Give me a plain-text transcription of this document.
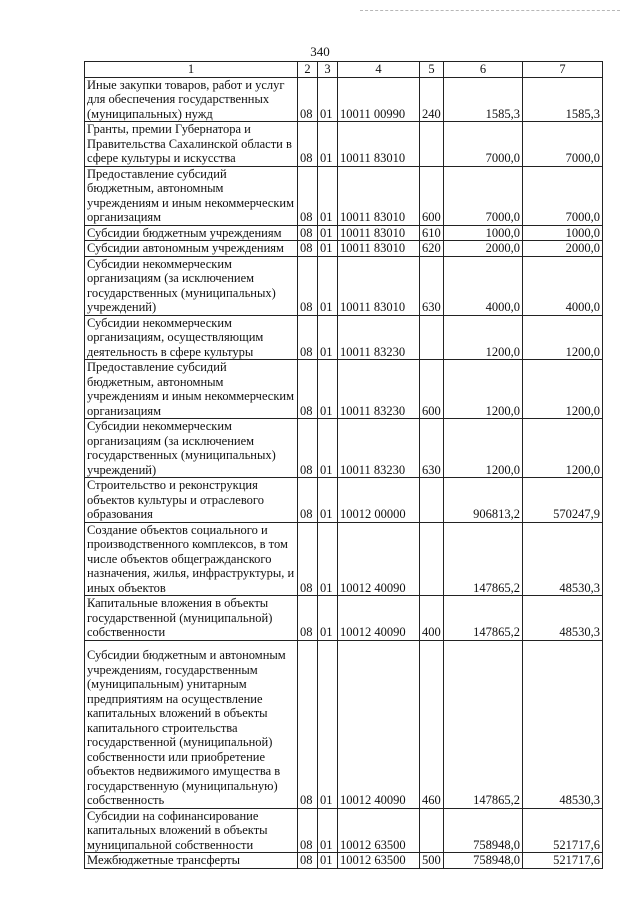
340
1	2	3	4	5	6	7
Иные закупки товаров, работ и услуг для обеспечения государственных (муниципальных) нужд	08	01	10011 00990	240	1585,3	1585,3
Гранты, премии Губернатора и Правительства Сахалинской области в сфере культуры и искусства	08	01	10011 83010		7000,0	7000,0
Предоставление субсидий бюджетным, автономным учреждениям и иным некоммерческим организациям	08	01	10011 83010	600	7000,0	7000,0
Субсидии бюджетным учреждениям	08	01	10011 83010	610	1000,0	1000,0
Субсидии автономным учреждениям	08	01	10011 83010	620	2000,0	2000,0
Субсидии некоммерческим организациям (за исключением государственных (муниципальных) учреждений)	08	01	10011 83010	630	4000,0	4000,0
Субсидии некоммерческим организациям, осуществляющим деятельность в сфере культуры	08	01	10011 83230		1200,0	1200,0
Предоставление субсидий бюджетным, автономным учреждениям и иным некоммерческим организациям	08	01	10011 83230	600	1200,0	1200,0
Субсидии некоммерческим организациям (за исключением государственных (муниципальных) учреждений)	08	01	10011 83230	630	1200,0	1200,0
Строительство и реконструкция объектов культуры и отраслевого образования	08	01	10012 00000		906813,2	570247,9
Создание объектов социального и производственного комплексов, в том числе объектов общегражданского назначения, жилья, инфраструктуры, и иных объектов	08	01	10012 40090		147865,2	48530,3
Капитальные вложения в объекты государственной (муниципальной) собственности	08	01	10012 40090	400	147865,2	48530,3
Субсидии бюджетным и автономным учреждениям, государственным (муниципальным) унитарным предприятиям на осуществление капитальных вложений в объекты капитального строительства государственной (муниципальной) собственности или приобретение объектов недвижимого имущества в государственную (муниципальную) собственность	08	01	10012 40090	460	147865,2	48530,3
Субсидии на софинансирование капитальных вложений в объекты муниципальной собственности	08	01	10012 63500		758948,0	521717,6
Межбюджетные трансферты	08	01	10012 63500	500	758948,0	521717,6
